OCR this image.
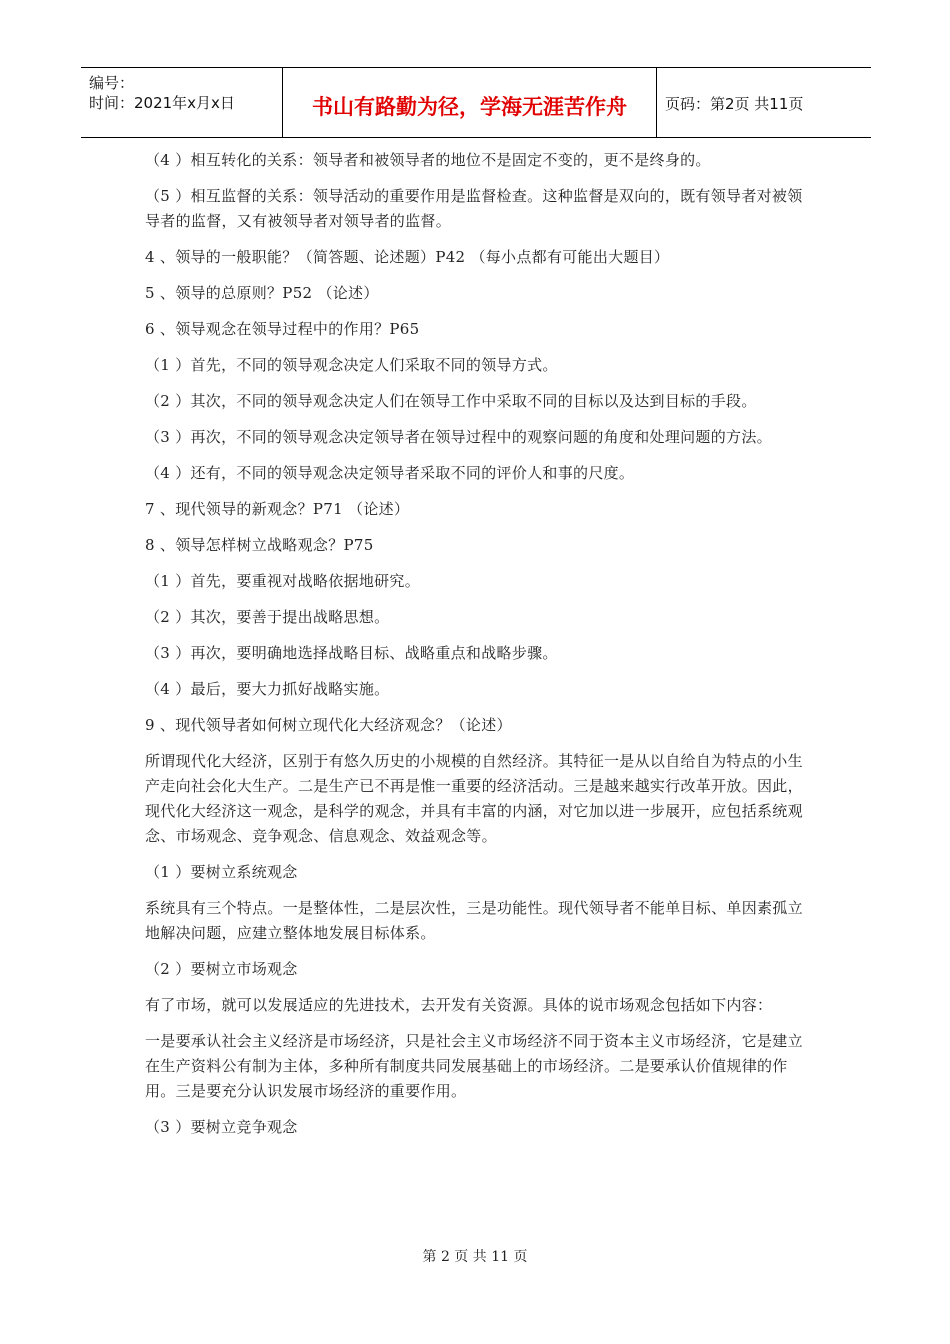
编号：
时间：2021年x月x日	书山有路勤为径，学海无涯苦作舟	页码：第2页 共11页

（4 ）相互转化的关系：领导者和被领导者的地位不是固定不变的，更不是终身的。

（5 ）相互监督的关系：领导活动的重要作用是监督检查。这种监督是双向的，既有领导者对被领导者的监督，又有被领导者对领导者的监督。

4 、领导的一般职能？（简答题、论述题）P42 （每小点都有可能出大题目）

5 、领导的总原则？P52 （论述）

6 、领导观念在领导过程中的作用？P65

（1 ）首先，不同的领导观念决定人们采取不同的领导方式。

（2 ）其次，不同的领导观念决定人们在领导工作中采取不同的目标以及达到目标的手段。

（3 ）再次，不同的领导观念决定领导者在领导过程中的观察问题的角度和处理问题的方法。

（4 ）还有，不同的领导观念决定领导者采取不同的评价人和事的尺度。

7 、现代领导的新观念？P71 （论述）

8 、领导怎样树立战略观念？P75

（1 ）首先，要重视对战略依据地研究。

（2 ）其次，要善于提出战略思想。

（3 ）再次，要明确地选择战略目标、战略重点和战略步骤。

（4 ）最后，要大力抓好战略实施。

9 、现代领导者如何树立现代化大经济观念？（论述）

所谓现代化大经济，区别于有悠久历史的小规模的自然经济。其特征一是从以自给自为特点的小生产走向社会化大生产。二是生产已不再是惟一重要的经济活动。三是越来越实行改革开放。因此，现代化大经济这一观念，是科学的观念，并具有丰富的内涵，对它加以进一步展开，应包括系统观念、市场观念、竞争观念、信息观念、效益观念等。

（1 ）要树立系统观念

系统具有三个特点。一是整体性，二是层次性，三是功能性。现代领导者不能单目标、单因素孤立地解决问题，应建立整体地发展目标体系。

（2 ）要树立市场观念

有了市场，就可以发展适应的先进技术，去开发有关资源。具体的说市场观念包括如下内容：

一是要承认社会主义经济是市场经济，只是社会主义市场经济不同于资本主义市场经济，它是建立在生产资料公有制为主体，多种所有制度共同发展基础上的市场经济。二是要承认价值规律的作用。三是要充分认识发展市场经济的重要作用。

（3 ）要树立竞争观念

第 2 页 共 11 页
